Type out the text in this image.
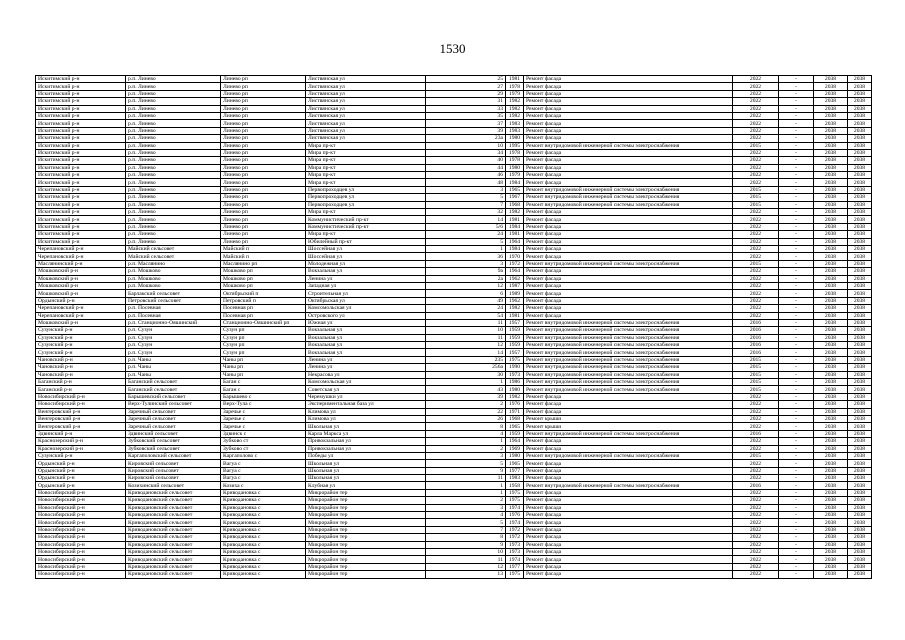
1530
Искитимский р-н	р.п. Линево	Линево рп	Листвянская ул	25	1981	Ремонт фасада	2022	-	2038	2038
Искитимский р-н	р.п. Линево	Линево рп	Листвянская ул	27	1978	Ремонт фасада	2022	-	2038	2038
Искитимский р-н	р.п. Линево	Линево рп	Листвянская ул	29	1979	Ремонт фасада	2022	-	2038	2038
Искитимский р-н	р.п. Линево	Линево рп	Листвянская ул	31	1982	Ремонт фасада	2022	-	2038	2038
Искитимский р-н	р.п. Линево	Линево рп	Листвянская ул	33	1982	Ремонт фасада	2022	-	2038	2038
Искитимский р-н	р.п. Линево	Линево рп	Листвянская ул	35	1982	Ремонт фасада	2022	-	2038	2038
Искитимский р-н	р.п. Линево	Линево рп	Листвянская ул	37	1983	Ремонт фасада	2022	-	2038	2038
Искитимский р-н	р.п. Линево	Линево рп	Листвянская ул	39	1983	Ремонт фасада	2022	-	2038	2038
Искитимский р-н	р.п. Линево	Линево рп	Листвянская ул	23а	1980	Ремонт фасада	2022	-	2038	2038
Искитимский р-н	р.п. Линево	Линево рп	Мира пр-кт	10	1995	Ремонт внутридомовой инженерной системы электроснабжения	2015	-	2038	2038
Искитимский р-н	р.п. Линево	Линево рп	Мира пр-кт	34	1978	Ремонт фасада	2022	-	2038	2038
Искитимский р-н	р.п. Линево	Линево рп	Мира пр-кт	40	1978	Ремонт фасада	2022	-	2038	2038
Искитимский р-н	р.п. Линево	Линево рп	Мира пр-кт	44	1980	Ремонт фасада	2022	-	2038	2038
Искитимский р-н	р.п. Линево	Линево рп	Мира пр-кт	46	1979	Ремонт фасада	2022	-	2038	2038
Искитимский р-н	р.п. Линево	Линево рп	Мира пр-кт	48	1984	Ремонт фасада	2022	-	2038	2038
Искитимский р-н	р.п. Линево	Линево рп	Первопроходцев ул	3	1965	Ремонт внутридомовой инженерной системы электроснабжения	2015	-	2038	2038
Искитимский р-н	р.п. Линево	Линево рп	Первопроходцев ул	5	1967	Ремонт внутридомовой инженерной системы электроснабжения	2015	-	2038	2038
Искитимский р-н	р.п. Линево	Линево рп	Первопроходцев ул	7	1968	Ремонт внутридомовой инженерной системы электроснабжения	2015	-	2038	2038
Искитимский р-н	р.п. Линево	Линево рп	Мира пр-кт	32	1982	Ремонт фасада	2022	-	2038	2038
Искитимский р-н	р.п. Линево	Линево рп	Коммунистический пр-кт	14	1981	Ремонт фасада	2022	-	2038	2038
Искитимский р-н	р.п. Линево	Линево рп	Коммунистический пр-кт	5/6	1984	Ремонт фасада	2022	-	2038	2038
Искитимский р-н	р.п. Линево	Линево рп	Мира пр-кт	24	1981	Ремонт фасада	2022	-	2038	2038
Искитимский р-н	р.п. Линево	Линево рп	Юбилейный пр-кт	5	1964	Ремонт фасада	2022	-	2038	2038
Черепановский р-н	Майский сельсовет	Майский п	Шоссейная ул	1	1984	Ремонт фасада	2022	-	2038	2038
Черепановский р-н	Майский сельсовет	Майский п	Шоссейная ул	36	1970	Ремонт фасада	2022	-	2038	2038
Маслянинский р-н	р.п. Маслянино	Маслянино рп	Молодежная ул	3	1972	Ремонт внутридомовой инженерной системы электроснабжения	2015	-	2038	2038
Мошковский р-н	р.п. Мошково	Мошково рп	Вокзальная ул	9а	1964	Ремонт фасада	2022	-	2038	2038
Мошковский р-н	р.п. Мошково	Мошково рп	Ленина ул	2а	1962	Ремонт фасада	2022	-	2038	2038
Мошковский р-н	р.п. Мошково	Мошково рп	Западная ул	12	1987	Ремонт фасада	2022	-	2038	2038
Мошковский р-н	Барлакский сельсовет	Октябрьский п	Строительная ул	6	1989	Ремонт фасада	2022	-	2038	2038
Ордынский р-н	Петровский сельсовет	Петровский п	Октябрьская ул	49	1962	Ремонт фасада	2022	-	2038	2038
Черепановский р-н	р.п. Посевная	Посевная рп	Комсомольская ул	24	1982	Ремонт фасада	2022	-	2038	2038
Черепановский р-н	р.п. Посевная	Посевная рп	Островского ул	54	1981	Ремонт фасада	2022	-	2038	2038
Мошковский р-н	р.п. Станционно-Ояшинский	Станционно-Ояшинский рп	Южная ул	11	1957	Ремонт внутридомовой инженерной системы электроснабжения	2016	-	2038	2038
Сузунский р-н	р.п. Сузун	Сузун рп	Вокзальная ул	10	1959	Ремонт внутридомовой инженерной системы электроснабжения	2016	-	2038	2038
Сузунский р-н	р.п. Сузун	Сузун рп	Вокзальная ул	11	1959	Ремонт внутридомовой инженерной системы электроснабжения	2016	-	2038	2038
Сузунский р-н	р.п. Сузун	Сузун рп	Вокзальная ул	12	1959	Ремонт внутридомовой инженерной системы электроснабжения	2016	-	2038	2038
Сузунский р-н	р.п. Сузун	Сузун рп	Вокзальная ул	14	1957	Ремонт внутридомовой инженерной системы электроснабжения	2016	-	2038	2038
Чановский р-н	р.п. Чаны	Чаны рп	Ленина ул	235	1975	Ремонт внутридомовой инженерной системы электроснабжения	2015	-	2038	2038
Чановский р-н	р.п. Чаны	Чаны рп	Ленина ул	256а	1990	Ремонт внутридомовой инженерной системы электроснабжения	2015	-	2038	2038
Чановский р-н	р.п. Чаны	Чаны рп	Некрасова ул	30	1973	Ремонт внутридомовой инженерной системы электроснабжения	2015	-	2038	2038
Баганский р-н	Баганский сельсовет	Баган с	Комсомольская ул	1	1986	Ремонт внутридомовой инженерной системы электроснабжения	2015	-	2038	2038
Баганский р-н	Баганский сельсовет	Баган с	Советская ул	43	1980	Ремонт внутридомовой инженерной системы электроснабжения	2015	-	2038	2038
Новосибирский р-н	Барышевский сельсовет	Барышево с	Черемушки ул	39	1982	Ремонт фасада	2022	-	2038	2038
Новосибирский р-н	Верх-Тулинский сельсовет	Верх-Тула с	Экспериментальная база ул	2	1976	Ремонт фасада	2022	-	2038	2038
Венгеровский р-н	Заречный сельсовет	Заречье с	Климова ул	22	1971	Ремонт фасада	2022	-	2038	2038
Венгеровский р-н	Заречный сельсовет	Заречье с	Климова ул	26	1968	Ремонт крыши	2022	-	2038	2038
Венгеровский р-н	Заречный сельсовет	Заречье с	Школьная ул	8	1965	Ремонт крыши	2022	-	2038	2038
Здвинский р-н	Здвинский сельсовет	Здвинск с	Карла Маркса ул	4	1959	Ремонт внутридомовой инженерной системы электроснабжения	2016	-	2038	2038
Краснозерский р-н	Зубковский сельсовет	Зубково ст	Привокзальная ул	1	1964	Ремонт фасада	2022	-	2038	2038
Краснозерский р-н	Зубковский сельсовет	Зубково ст	Привокзальная ул	2	1969	Ремонт фасада	2022	-	2038	2038
Сузунский р-н	Каргаполовский сельсовет	Каргаполово с	Победы ул	3	1980	Ремонт внутридомовой инженерной системы электроснабжения	2015	-	2038	2038
Ордынский р-н	Кировский сельсовет	Вагуа с	Школьная ул	5	1965	Ремонт фасада	2022	-	2038	2038
Ордынский р-н	Кировский сельсовет	Вагуа с	Школьная ул	9	1977	Ремонт фасада	2022	-	2038	2038
Ордынский р-н	Кировский сельсовет	Вагуа с	Школьная ул	11	1983	Ремонт фасада	2022	-	2038	2038
Ордынский р-н	Козихинский сельсовет	Козиха с	Клубная ул	1	1958	Ремонт внутридомовой инженерной системы электроснабжения	2016	-	2038	2038
Новосибирский р-н	Криводановский сельсовет	Криводановка с	Микрорайон тер	1	1975	Ремонт фасада	2022	-	2038	2038
Новосибирский р-н	Криводановский сельсовет	Криводановка с	Микрорайон тер	2	1975	Ремонт фасада	2022	-	2038	2038
Новосибирский р-н	Криводановский сельсовет	Криводановка с	Микрорайон тер	3	1974	Ремонт фасада	2022	-	2038	2038
Новосибирский р-н	Криводановский сельсовет	Криводановка с	Микрорайон тер	4	1976	Ремонт фасада	2022	-	2038	2038
Новосибирский р-н	Криводановский сельсовет	Криводановка с	Микрорайон тер	5	1974	Ремонт фасада	2022	-	2038	2038
Новосибирский р-н	Криводановский сельсовет	Криводановка с	Микрорайон тер	7	1972	Ремонт фасада	2022	-	2038	2038
Новосибирский р-н	Криводановский сельсовет	Криводановка с	Микрорайон тер	8	1972	Ремонт фасада	2022	-	2038	2038
Новосибирский р-н	Криводановский сельсовет	Криводановка с	Микрорайон тер	9	1973	Ремонт фасада	2022	-	2038	2038
Новосибирский р-н	Криводановский сельсовет	Криводановка с	Микрорайон тер	10	1973	Ремонт фасада	2022	-	2038	2038
Новосибирский р-н	Криводановский сельсовет	Криводановка с	Микрорайон тер	11	1974	Ремонт фасада	2022	-	2038	2038
Новосибирский р-н	Криводановский сельсовет	Криводановка с	Микрорайон тер	12	1977	Ремонт фасада	2022	-	2038	2038
Новосибирский р-н	Криводановский сельсовет	Криводановка с	Микрорайон тер	13	1975	Ремонт фасада	2022	-	2038	2038
